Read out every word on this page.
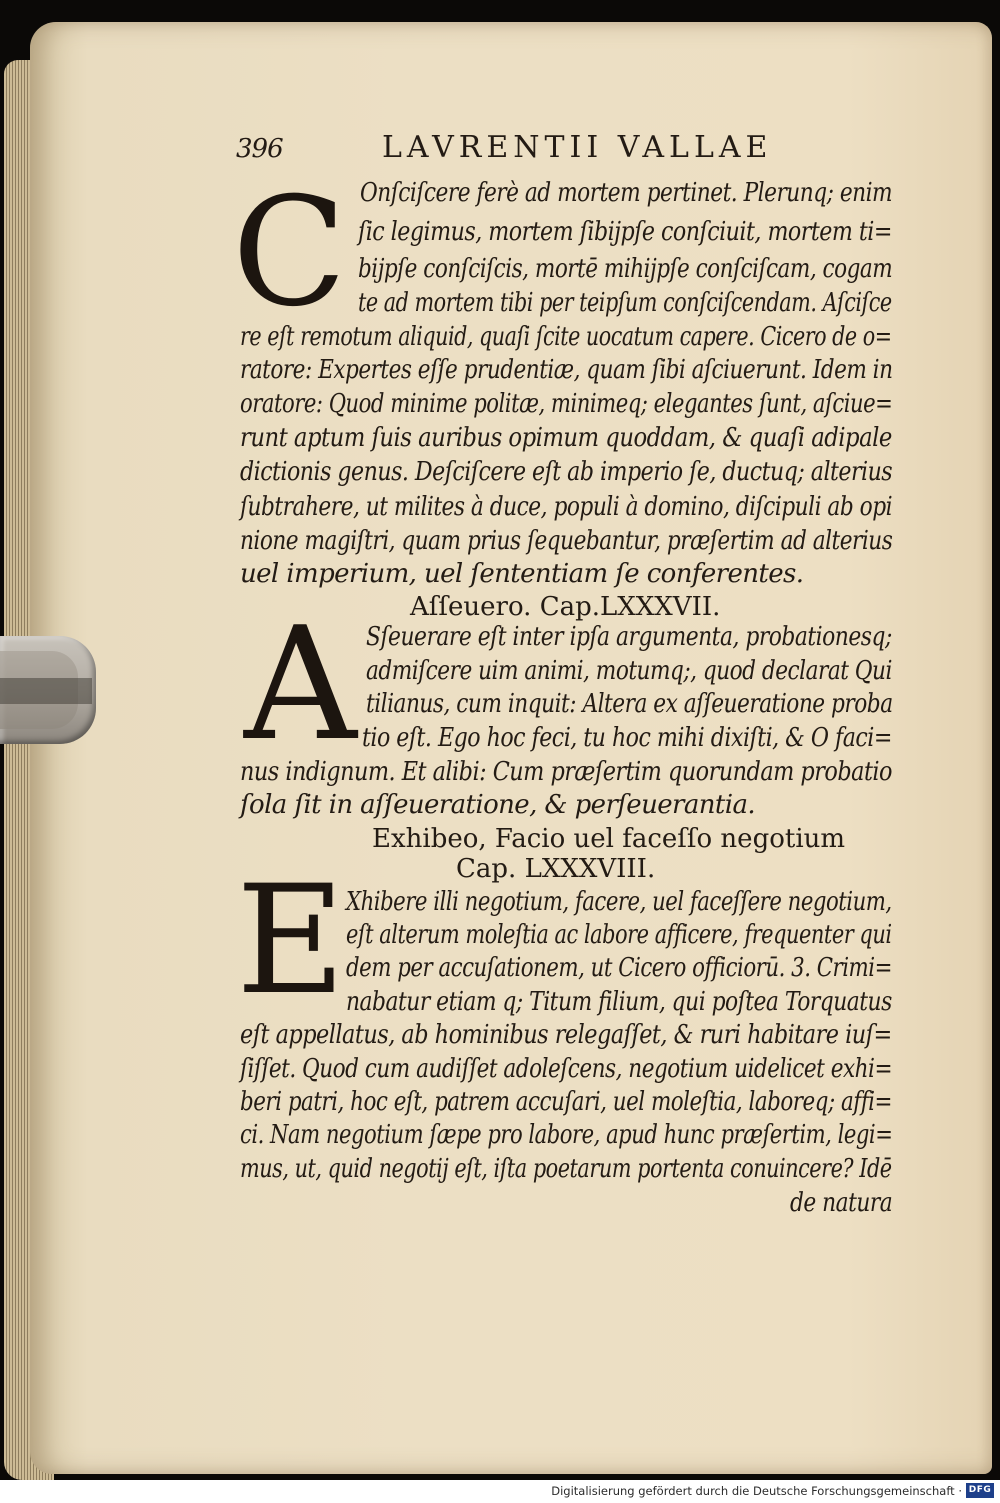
396	LAVRENTII VALLAE
C Onſciſcere ferè ad mortem pertinet. Plerunq; enim
ſic legimus, mortem ſibijpſe conſciuit, mortem ti=
bijpſe conſciſcis, mortē mihijpſe conſciſcam, cogam
te ad mortem tibi per teipſum conſciſcendam. Aſciſce
re eſt remotum aliquid, quaſi ſcite uocatum capere. Cicero de o=
ratore: Expertes eſſe prudentiæ, quam ſibi aſciuerunt. Idem in
oratore: Quod minime politæ, minimeq; elegantes ſunt, aſciue=
runt aptum ſuis auribus opimum quoddam, & quaſi adipale
dictionis genus. Deſciſcere eſt ab imperio ſe, ductuq; alterius
ſubtrahere, ut milites à duce, populi à domino, diſcipuli ab opi
nione magiſtri, quam prius ſequebantur, præſertim ad alterius
uel imperium, uel ſententiam ſe conferentes.
Aſſeuero. Cap.LXXXVII.
A Sſeuerare eſt inter ipſa argumenta, probationesq;
admiſcere uim animi, motumq;, quod declarat Qui
tilianus, cum inquit: Altera ex aſſeueratione proba
tio eſt. Ego hoc feci, tu hoc mihi dixiſti, & O faci=
nus indignum. Et alibi: Cum præſertim quorundam probatio
ſola ſit in aſſeueratione, & perſeuerantia.
Exhibeo, Facio uel faceſſo negotium
Cap. LXXXVIII.
E Xhibere illi negotium, facere, uel faceſſere negotium,
eſt alterum moleſtia ac labore afficere, frequenter qui
dem per accuſationem, ut Cicero officiorū. 3. Crimi=
nabatur etiam q; Titum filium, qui poſtea Torquatus
eſt appellatus, ab hominibus relegaſſet, & ruri habitare iuſ=
ſiſſet. Quod cum audiſſet adoleſcens, negotium uidelicet exhi=
beri patri, hoc eſt, patrem accuſari, uel moleſtia, laboreq; affi=
ci. Nam negotium ſæpe pro labore, apud hunc præſertim, legi=
mus, ut, quid negotij eſt, iſta poetarum portenta conuincere? Idē
de natura
Digitalisierung gefördert durch die Deutsche Forschungsgemeinschaft · DFG
